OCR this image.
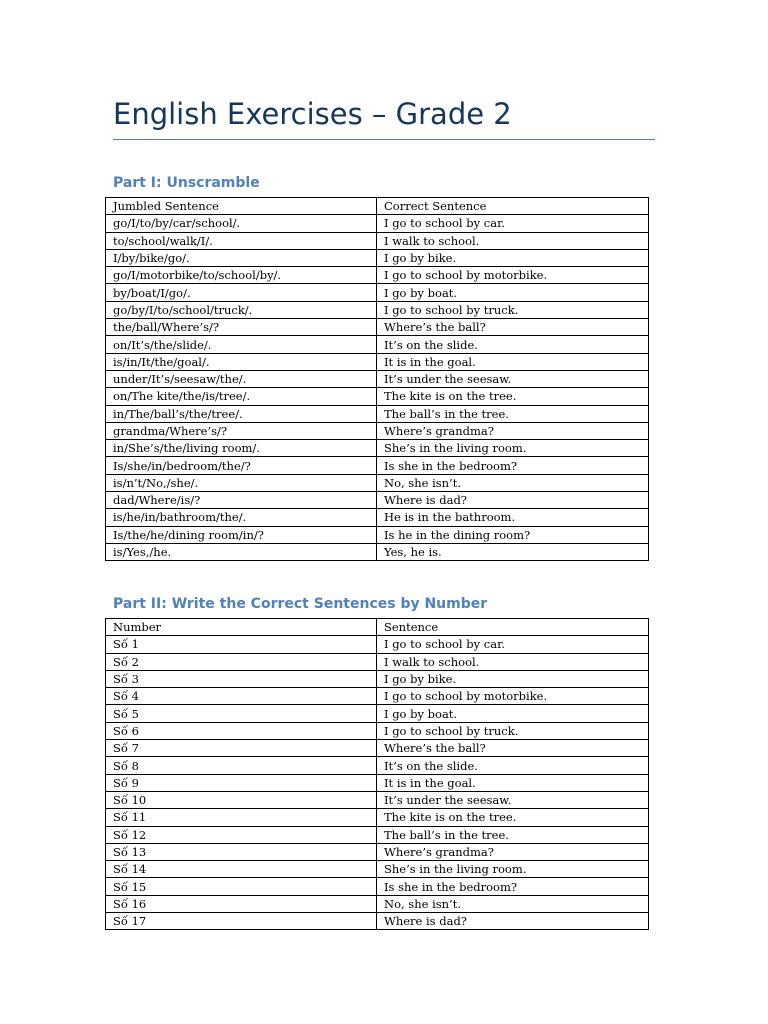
English Exercises – Grade 2
Part I: Unscramble
Jumbled Sentence	Correct Sentence
go/I/to/by/car/school/.	I go to school by car.
to/school/walk/I/.	I walk to school.
I/by/bike/go/.	I go by bike.
go/I/motorbike/to/school/by/.	I go to school by motorbike.
by/boat/I/go/.	I go by boat.
go/by/I/to/school/truck/.	I go to school by truck.
the/ball/Where’s/?	Where’s the ball?
on/It’s/the/slide/.	It’s on the slide.
is/in/It/the/goal/.	It is in the goal.
under/It’s/seesaw/the/.	It’s under the seesaw.
on/The kite/the/is/tree/.	The kite is on the tree.
in/The/ball’s/the/tree/.	The ball’s in the tree.
grandma/Where’s/?	Where’s grandma?
in/She’s/the/living room/.	She’s in the living room.
Is/she/in/bedroom/the/?	Is she in the bedroom?
is/n’t/No,/she/.	No, she isn’t.
dad/Where/is/?	Where is dad?
is/he/in/bathroom/the/.	He is in the bathroom.
Is/the/he/dining room/in/?	Is he in the dining room?
is/Yes,/he.	Yes, he is.
Part II: Write the Correct Sentences by Number
Number	Sentence
Số 1	I go to school by car.
Số 2	I walk to school.
Số 3	I go by bike.
Số 4	I go to school by motorbike.
Số 5	I go by boat.
Số 6	I go to school by truck.
Số 7	Where’s the ball?
Số 8	It’s on the slide.
Số 9	It is in the goal.
Số 10	It’s under the seesaw.
Số 11	The kite is on the tree.
Số 12	The ball’s in the tree.
Số 13	Where’s grandma?
Số 14	She’s in the living room.
Số 15	Is she in the bedroom?
Số 16	No, she isn’t.
Số 17	Where is dad?
